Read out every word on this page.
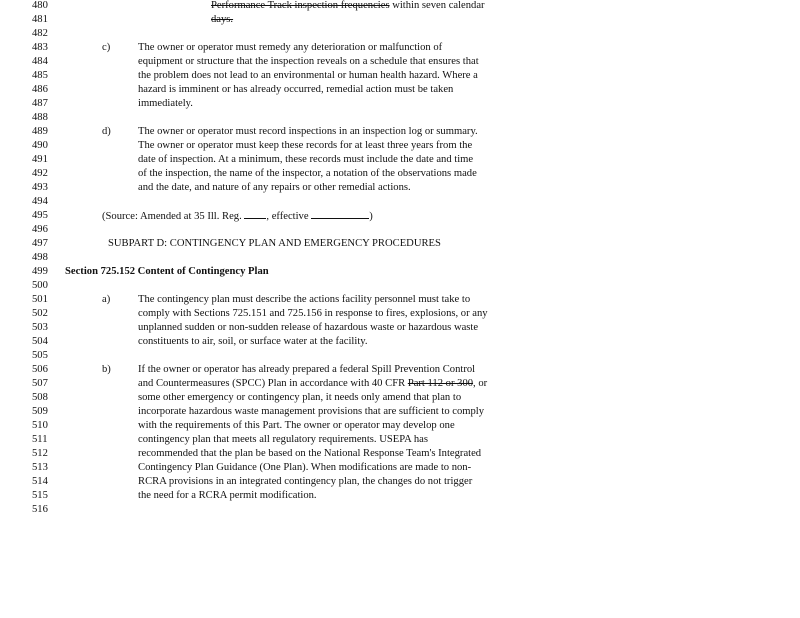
480	Performance Track inspection frequencies within seven calendar
481	days.
482
483	c)	The owner or operator must remedy any deterioration or malfunction of
484	equipment or structure that the inspection reveals on a schedule that ensures that
485	the problem does not lead to an environmental or human health hazard. Where a
486	hazard is imminent or has already occurred, remedial action must be taken
487	immediately.
488
489	d)	The owner or operator must record inspections in an inspection log or summary.
490	The owner or operator must keep these records for at least three years from the
491	date of inspection. At a minimum, these records must include the date and time
492	of the inspection, the name of the inspector, a notation of the observations made
493	and the date, and nature of any repairs or other remedial actions.
494
495	(Source: Amended at 35 Ill. Reg. , effective	)
496
497	SUBPART D: CONTINGENCY PLAN AND EMERGENCY PROCEDURES
498
499	Section 725.152 Content of Contingency Plan
500
501	a)	The contingency plan must describe the actions facility personnel must take to
502	comply with Sections 725.151 and 725.156 in response to fires, explosions, or any
503	unplanned sudden or non-sudden release of hazardous waste or hazardous waste
504	constituents to air, soil, or surface water at the facility.
505
506	b)	If the owner or operator has already prepared a federal Spill Prevention Control
507	and Countermeasures (SPCC) Plan in accordance with 40 CFR Part 112 or 300, or
508	some other emergency or contingency plan, it needs only amend that plan to
509	incorporate hazardous waste management provisions that are sufficient to comply
510	with the requirements of this Part. The owner or operator may develop one
511	contingency plan that meets all regulatory requirements. USEPA has
512	recommended that the plan be based on the National Response Team's Integrated
513	Contingency Plan Guidance (One Plan). When modifications are made to non-
514	RCRA provisions in an integrated contingency plan, the changes do not trigger
515	the need for a RCRA permit modification.
516
